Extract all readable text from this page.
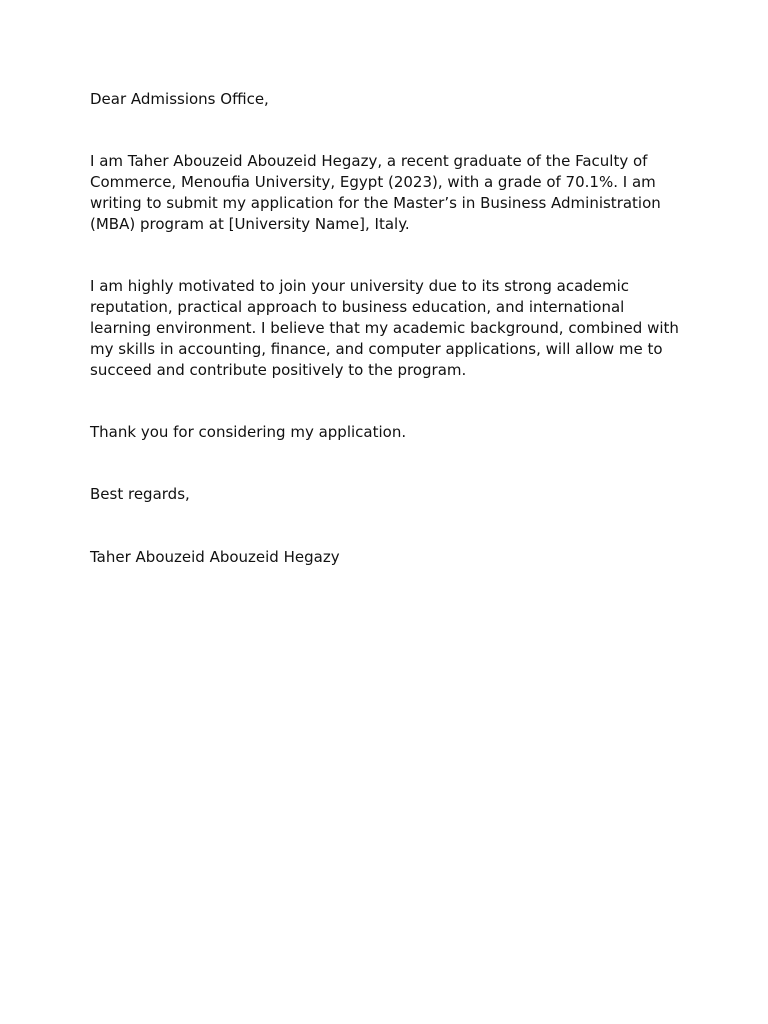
Dear Admissions Office,

I am Taher Abouzeid Abouzeid Hegazy, a recent graduate of the Faculty of Commerce, Menoufia University, Egypt (2023), with a grade of 70.1%. I am writing to submit my application for the Master’s in Business Administration (MBA) program at [University Name], Italy.

I am highly motivated to join your university due to its strong academic reputation, practical approach to business education, and international learning environment. I believe that my academic background, combined with my skills in accounting, finance, and computer applications, will allow me to succeed and contribute positively to the program.

Thank you for considering my application.

Best regards,

Taher Abouzeid Abouzeid Hegazy
